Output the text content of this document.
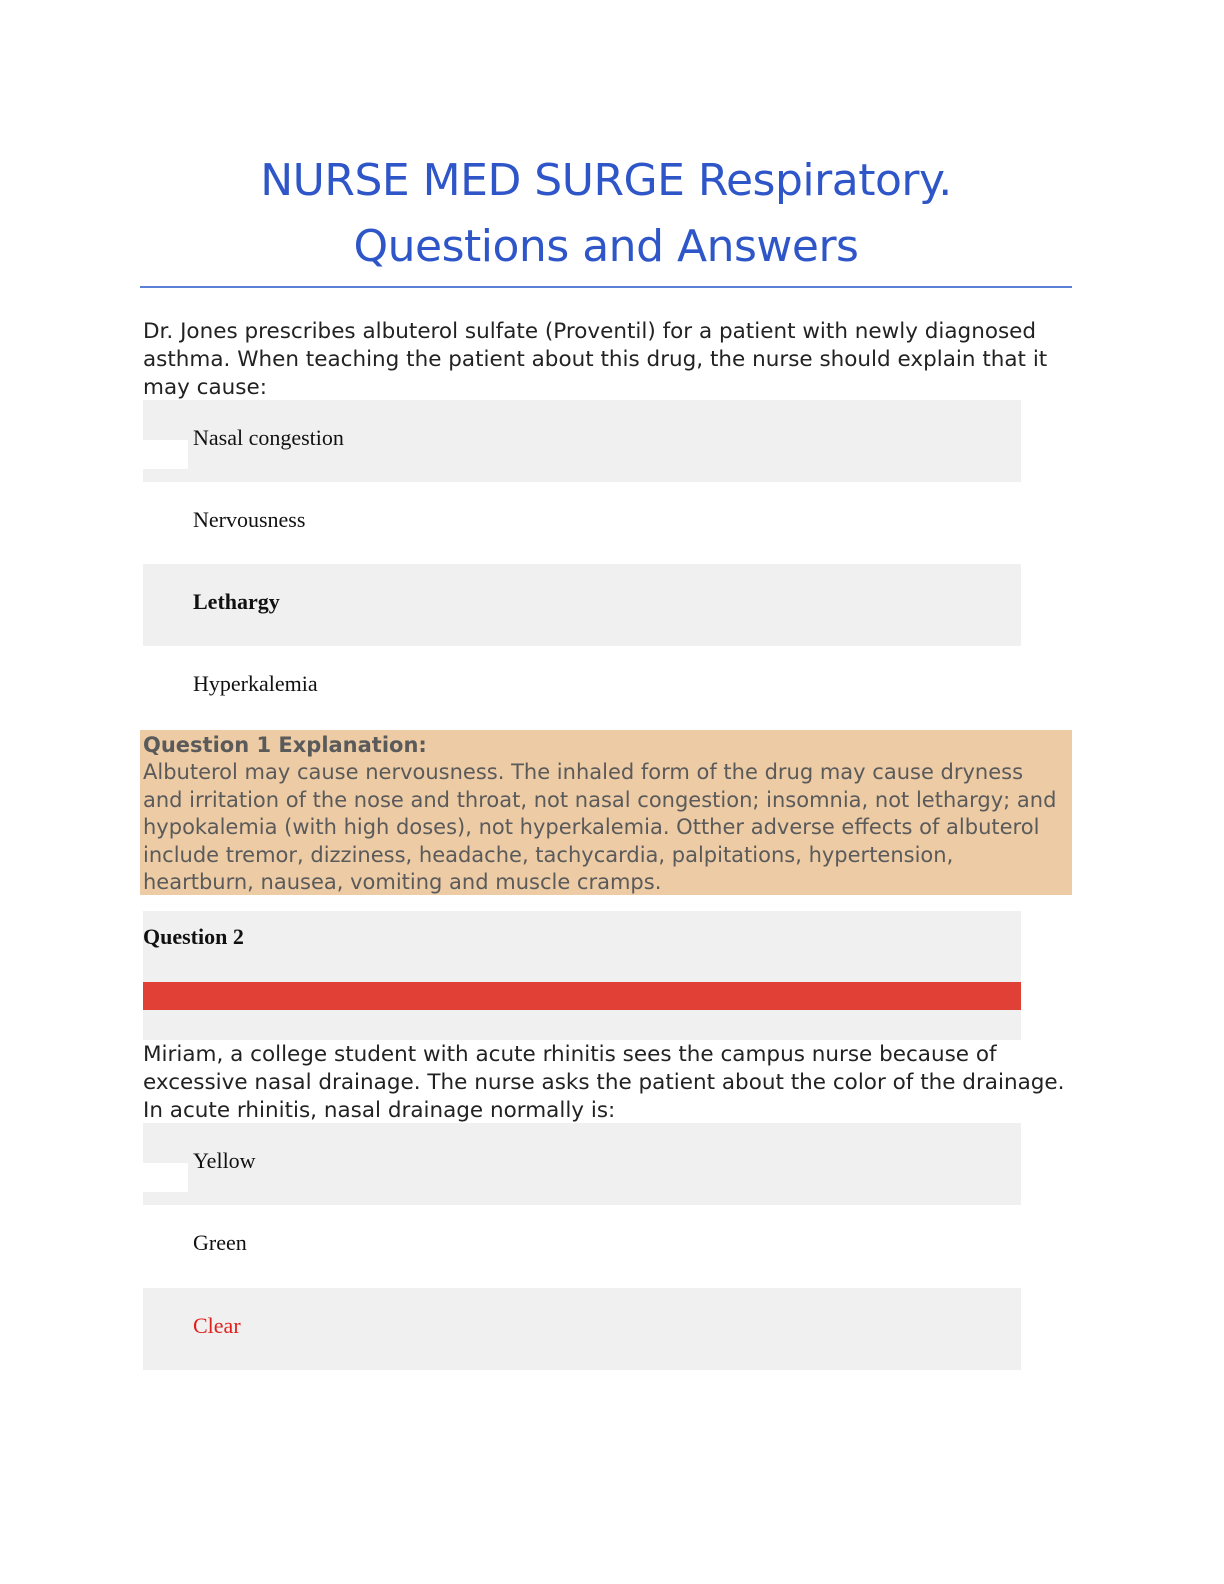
NURSE MED SURGE Respiratory.
Questions and Answers

Dr. Jones prescribes albuterol sulfate (Proventil) for a patient with newly diagnosed asthma. When teaching the patient about this drug, the nurse should explain that it may cause:

Nasal congestion
Nervousness
Lethargy
Hyperkalemia
Question 1 Explanation:

Albuterol may cause nervousness. The inhaled form of the drug may cause dryness and irritation of the nose and throat, not nasal congestion; insomnia, not lethargy; and hypokalemia (with high doses), not hyperkalemia. Otther adverse effects of albuterol include tremor, dizziness, headache, tachycardia, palpitations, hypertension, heartburn, nausea, vomiting and muscle cramps.

Question 2

Miriam, a college student with acute rhinitis sees the campus nurse because of excessive nasal drainage. The nurse asks the patient about the color of the drainage. In acute rhinitis, nasal drainage normally is:

Yellow
Green
Clear
